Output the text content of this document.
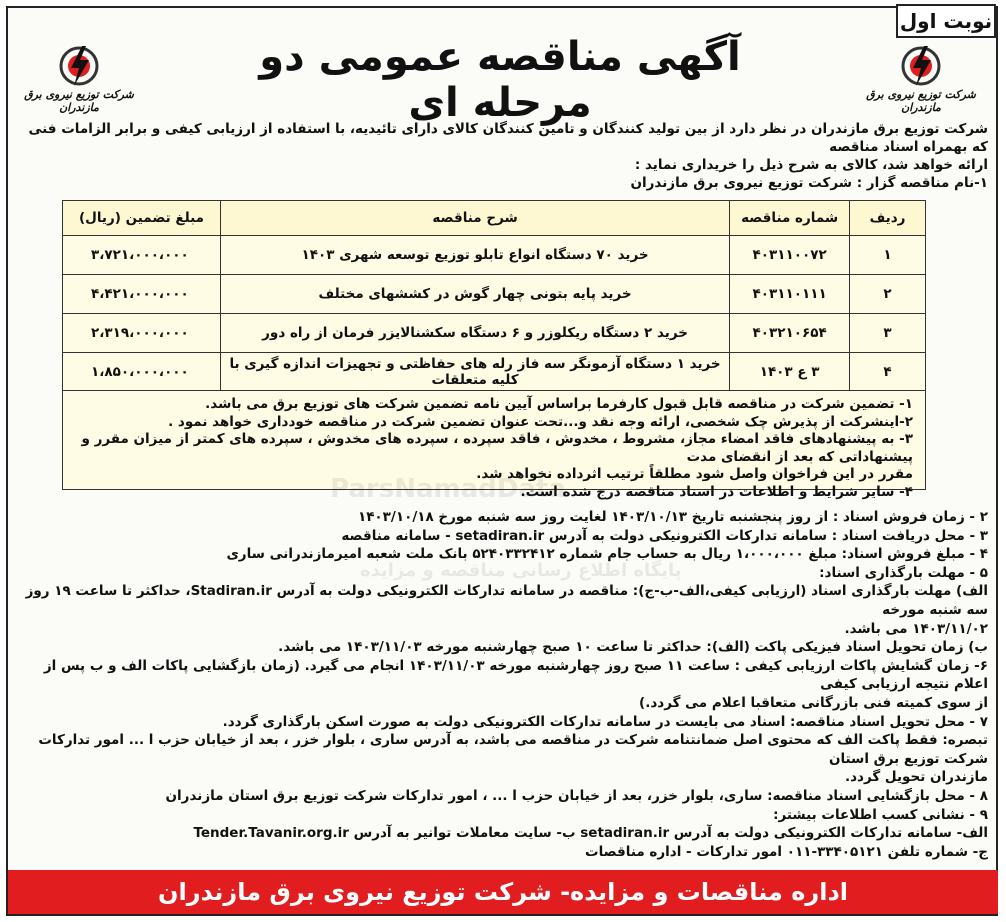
نوبت اول
شرکت توزیع نیروی برق مازندران
شرکت توزیع نیروی برق مازندران
آگهی مناقصه عمومی دو مرحله ای
شرکت توزیع برق مازندران در نظر دارد از بین تولید کنندگان و تامین کنندگان کالای دارای تائیدیه، با استفاده از ارزیابی کیفی و برابر الزامات فنی که بهمراه اسناد مناقصه
ارائه خواهد شد، کالای به شرح ذیل را خریداری نماید :
۱-نام مناقصه گزار : شرکت توزیع نیروی برق مازندران
ردیف	شماره مناقصه	شرح مناقصه	مبلغ تضمین (ریال)
۱	۴۰۳۱۱۰۰۷۲	خرید ۷۰ دستگاه انواع تابلو توزیع توسعه شهری ۱۴۰۳	۳،۷۲۱،۰۰۰،۰۰۰
۲	۴۰۳۱۱۰۱۱۱	خرید پایه بتونی چهار گوش در کششهای مختلف	۴،۴۲۱،۰۰۰،۰۰۰
۳	۴۰۳۲۱۰۶۵۴	خرید ۲ دستگاه ریکلوزر و ۶ دستگاه سکشنالایزر فرمان از راه دور	۲،۳۱۹،۰۰۰،۰۰۰
۴	۳ ع ۱۴۰۳	خرید ۱ دستگاه آزمونگر سه فاز رله های حفاظتی و تجهیزات اندازه گیری با کلیه متعلقات	۱،۸۵۰،۰۰۰،۰۰۰
۱- تضمین شرکت در مناقصه قابل قبول کارفرما براساس آیین نامه تضمین شرکت های توزیع برق می باشد.
۲-اینشرکت از پذیرش چک شخصی، ارائه وجه نقد و...تحت عنوان تضمین شرکت در مناقصه خودداری خواهد نمود .
۳- به پیشنهادهای فاقد امضاء مجاز، مشروط ، مخدوش ، فاقد سپرده ، سپرده های مخدوش ، سپرده های کمتر از میزان مقرر و پیشنهاداتی که بعد از انقضای مدت
مقرر در این فراخوان واصل شود مطلقاً ترتیب اثرداده نخواهد شد.
۴- سایر شرایط و اطلاعات در اسناد مناقصه درج شده است.
۲ - زمان فروش اسناد : از روز پنجشنبه تاریخ ۱۴۰۳/۱۰/۱۳ لغایت روز سه شنبه مورخ ۱۴۰۳/۱۰/۱۸
۳ - محل دریافت اسناد : سامانه تدارکات الکترونیکی دولت به آدرس setadiran.ir - سامانه مناقصه
۴ - مبلغ فروش اسناد: مبلغ ۱،۰۰۰،۰۰۰ ریال به حساب جام شماره ۵۲۴۰۳۳۲۴۱۲ بانک ملت شعبه امیرمازندرانی ساری
۵ - مهلت بارگذاری اسناد:
الف) مهلت بارگذاری اسناد (ارزیابی کیفی،الف-ب-ج): مناقصه در سامانه تدارکات الکترونیکی دولت به آدرس Stadiran.ir، حداکثر تا ساعت ۱۹ روز سه شنبه مورخه
۱۴۰۳/۱۱/۰۲ می باشد.
ب) زمان تحویل اسناد فیزیکی پاکت (الف): حداکثر تا ساعت ۱۰ صبح چهارشنبه مورخه ۱۴۰۳/۱۱/۰۳ می باشد.
۶- زمان گشایش پاکات ارزیابی کیفی : ساعت ۱۱ صبح روز چهارشنبه مورخه ۱۴۰۳/۱۱/۰۳ انجام می گیرد. (زمان بازگشایی پاکات الف و ب پس از اعلام نتیجه ارزیابی کیفی
از سوی کمیته فنی بازرگانی متعاقبا اعلام می گردد.)
۷ - محل تحویل اسناد مناقصه: اسناد می بایست در سامانه تدارکات الکترونیکی دولت به صورت اسکن بارگذاری گردد.
تبصره: فقط پاکت الف که محتوی اصل ضمانتنامه شرکت در مناقصه می باشد، به آدرس ساری ، بلوار خزر ، بعد از خیابان حزب ا ... امور تدارکات شرکت توزیع برق استان
مازندران تحویل گردد.
۸ - محل بازگشایی اسناد مناقصه: ساری، بلوار خزر، بعد از خیابان حزب ا ... ، امور تدارکات شرکت توزیع برق استان مازندران
۹ - نشانی کسب اطلاعات بیشتر:
الف- سامانه تدارکات الکترونیکی دولت به آدرس setadiran.ir ب- سایت معاملات توانیر به آدرس Tender.Tavanir.org.ir
ج- شماره تلفن ۳۳۴۰۵۱۲۱-۰۱۱ امور تدارکات - اداره مناقصات
اداره مناقصات و مزایده- شرکت توزیع نیروی برق مازندران
